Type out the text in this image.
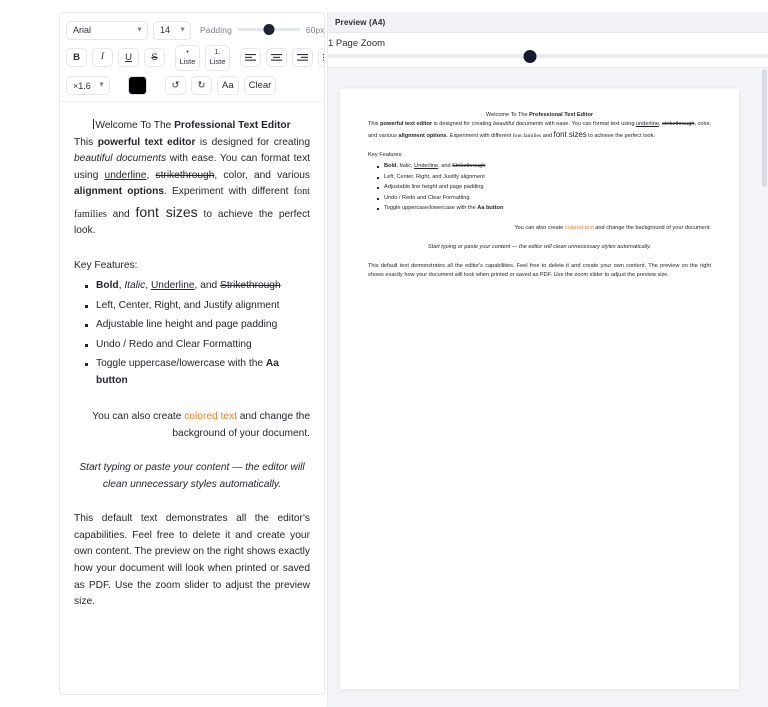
Arial
▼
14	▼ Padding	60px
B	I	U	S	•
Liste
1.
Liste
×1.6
▼	↺	↻	Aa	Clear

Welcome To The Professional Text Editor

This powerful text editor is designed for creating beautiful documents with ease. You can format text using underline, strikethrough, color, and various alignment options. Experiment with different font families and font sizes to achieve the perfect look.

Key Features:
Bold, Italic, Underline, and Strikethrough
Left, Center, Right, and Justify alignment
Adjustable line height and page padding
Undo / Redo and Clear Formatting
Toggle uppercase/lowercase with the Aa button

You can also create colored text and change the background of your document.

Start typing or paste your content — the editor will clean unnecessary styles automatically.

This default text demonstrates all the editor's capabilities. Feel free to delete it and create your own content. The preview on the right shows exactly how your document will look when printed or saved as PDF. Use the zoom slider to adjust the preview size.

Preview (A4)
1 Page Zoom

Welcome To The Professional Text Editor

This powerful text editor is designed for creating beautiful documents with ease. You can format text using underline, strikethrough, color, and various alignment options. Experiment with different font families and font sizes to achieve the perfect look.

Key Features:
Bold, Italic, Underline, and Strikethrough
Left, Center, Right, and Justify alignment
Adjustable line height and page padding
Undo / Redo and Clear Formatting
Toggle uppercase/lowercase with the Aa button

You can also create colored text and change the background of your document.

Start typing or paste your content — the editor will clean unnecessary styles automatically.

This default text demonstrates all the editor's capabilities. Feel free to delete it and create your own content. The preview on the right shows exactly how your document will look when printed or saved as PDF. Use the zoom slider to adjust the preview size.
